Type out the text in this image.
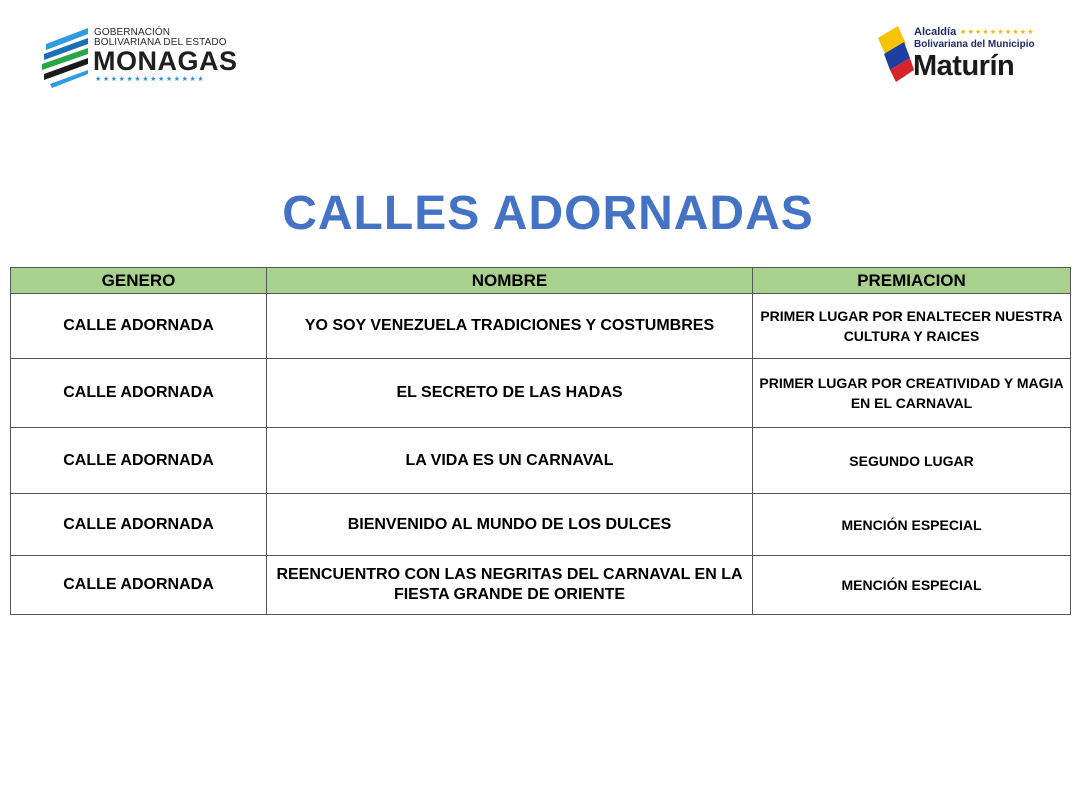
GOBERNACIÓN
BOLIVARIANA DEL ESTADO
MONAGAS
★★★★★★★★★★★★★★
Alcaldía ★★★★★★★★★★
Bolivariana del Municipio
Maturín
CALLES ADORNADAS
GENERO	NOMBRE	PREMIACION
CALLE ADORNADA	YO SOY VENEZUELA TRADICIONES Y COSTUMBRES	PRIMER LUGAR POR ENALTECER NUESTRA CULTURA Y RAICES
CALLE ADORNADA	EL SECRETO DE LAS HADAS	PRIMER LUGAR POR CREATIVIDAD Y MAGIA EN EL CARNAVAL
CALLE ADORNADA	LA VIDA ES UN CARNAVAL	SEGUNDO LUGAR
CALLE ADORNADA	BIENVENIDO AL MUNDO DE LOS DULCES	MENCIÓN ESPECIAL
CALLE ADORNADA	REENCUENTRO CON LAS NEGRITAS DEL CARNAVAL EN LA FIESTA GRANDE DE ORIENTE	MENCIÓN ESPECIAL
